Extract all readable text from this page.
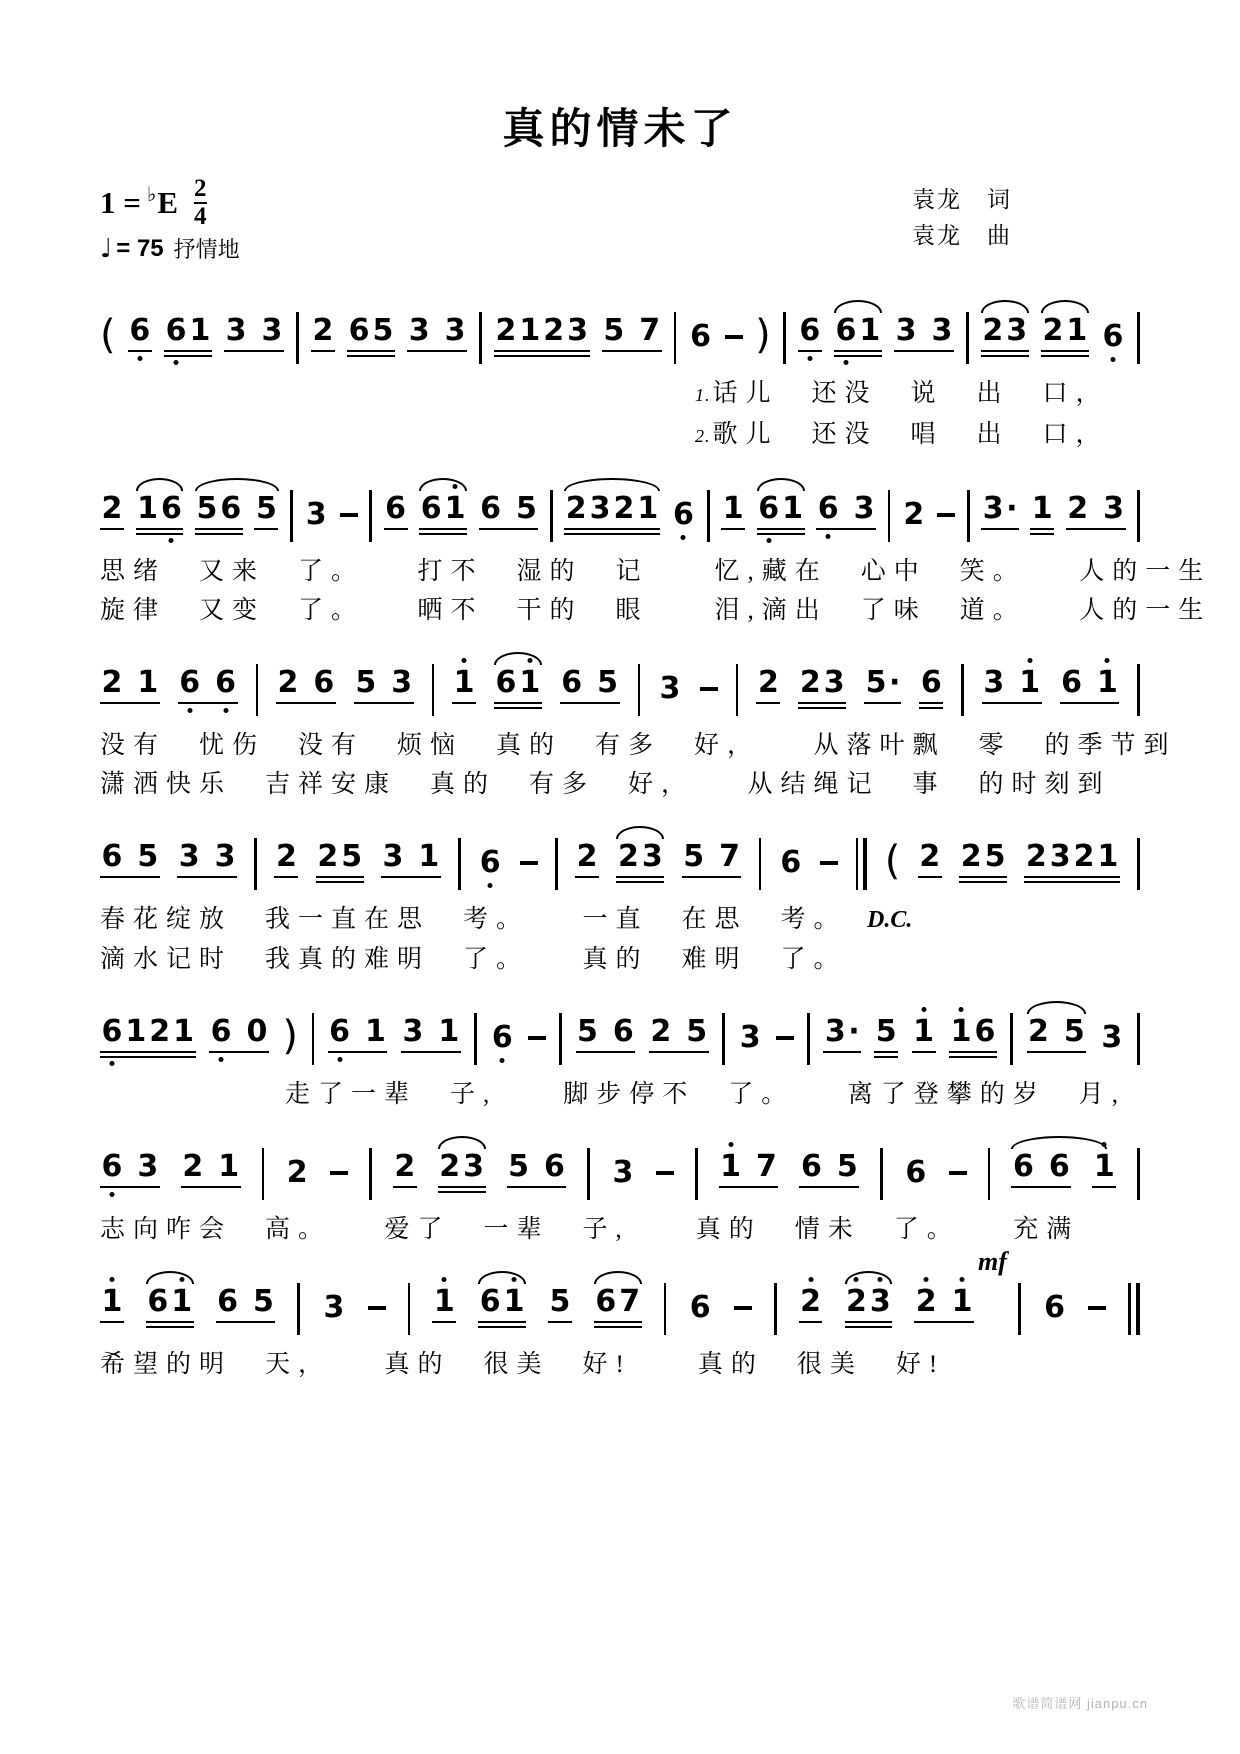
真的情未了
1 = ♭ E $\frac{2}{4}$
♩ = 75 抒情地
袁龙　词
袁龙　曲
( 6 6 1 3 3 2 6 5 3 3 2 1 2 3 5 7 6 ) 6 6 1 3 3 2 3 2 1 6
1.话儿　还没　说　出　口，
2.歌儿　还没　唱　出　口，
2 1 6 5 6 5 3 6 6 1 6 5 2 3 2 1 6 1 6 1 6 3 2 3 · 1 2 3
思绪　又来　了。　　打不　湿的　记　　忆,藏在　心中　笑。　　人的一生
旋律　又变　了。　　晒不　干的　眼　　泪,滴出　了味　道。　　人的一生
2 1 6 6 2 6 5 3 1 6 1 6 5 3	2 2 3 5 · 6 3 1 6 1
没有　忧伤　没有　烦恼　真的　有多　好，　　从落叶飘　零　的季节到
潇洒快乐　吉祥安康　真的　有多　好，　　从结绳记　事　的时刻到
6 5 3 3 2 2 5 3 1 6	2 2 3 5 7 6 ( 2 2 5 2 3 2 1
春花绽放　我一直在思　考。　　一直　在思　考。　D.C.
滴水记时　我真的难明　了。　　真的　难明　了。
6 1 2 1 6 0 ) 6 1 3 1 6 5 6 2 5 3 3 · 5 1 1 6 2 5 3
走了一辈　子,　　脚步停不　了。　　离了登攀的岁　月,
6 3 2 1 2	2 2 3 5 6 3	1 7 6 5 6	6 6 1
志向咋会　高。　　爱了　一辈　子,　　真的　情未　了。　　充满
1 6 1 6 5 3	1 6 1 5 6 7 6	2 2 3 2 1
mf
6
希望的明　天，　　真的　很美　好!　　真的　很美　好!
歌谱简谱网 jianpu.cn
